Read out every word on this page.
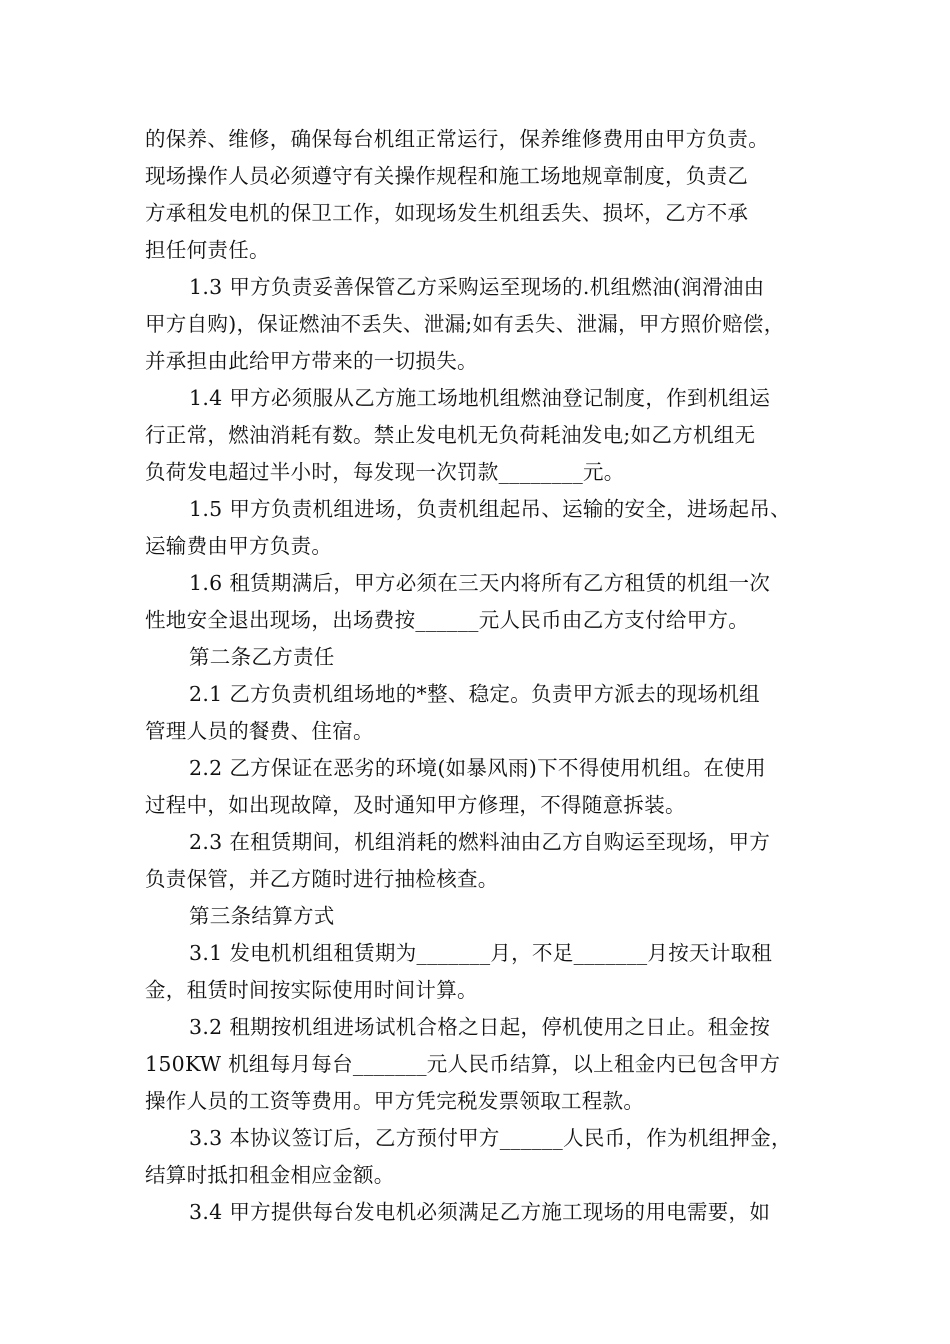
的保养、维修，确保每台机组正常运行，保养维修费用由甲方负责。
现场操作人员必须遵守有关操作规程和施工场地规章制度，负责乙
方承租发电机的保卫工作，如现场发生机组丢失、损坏，乙方不承
担任何责任。
1.3 甲方负责妥善保管乙方采购运至现场的.机组燃油(润滑油由
甲方自购)，保证燃油不丢失、泄漏;如有丢失、泄漏，甲方照价赔偿，
并承担由此给甲方带来的一切损失。
1.4 甲方必须服从乙方施工场地机组燃油登记制度，作到机组运
行正常，燃油消耗有数。禁止发电机无负荷耗油发电;如乙方机组无
负荷发电超过半小时，每发现一次罚款________元。
1.5 甲方负责机组进场，负责机组起吊、运输的安全，进场起吊、
运输费由甲方负责。
1.6 租赁期满后，甲方必须在三天内将所有乙方租赁的机组一次
性地安全退出现场，出场费按______元人民币由乙方支付给甲方。
第二条乙方责任
2.1 乙方负责机组场地的*整、稳定。负责甲方派去的现场机组
管理人员的餐费、住宿。
2.2 乙方保证在恶劣的环境(如暴风雨)下不得使用机组。在使用
过程中，如出现故障，及时通知甲方修理，不得随意拆装。
2.3 在租赁期间，机组消耗的燃料油由乙方自购运至现场，甲方
负责保管，并乙方随时进行抽检核查。
第三条结算方式
3.1 发电机机组租赁期为_______月，不足_______月按天计取租
金，租赁时间按实际使用时间计算。
3.2 租期按机组进场试机合格之日起，停机使用之日止。租金按
150KW 机组每月每台_______元人民币结算，以上租金内已包含甲方
操作人员的工资等费用。甲方凭完税发票领取工程款。
3.3 本协议签订后，乙方预付甲方______人民币，作为机组押金，
结算时抵扣租金相应金额。
3.4 甲方提供每台发电机必须满足乙方施工现场的用电需要，如
